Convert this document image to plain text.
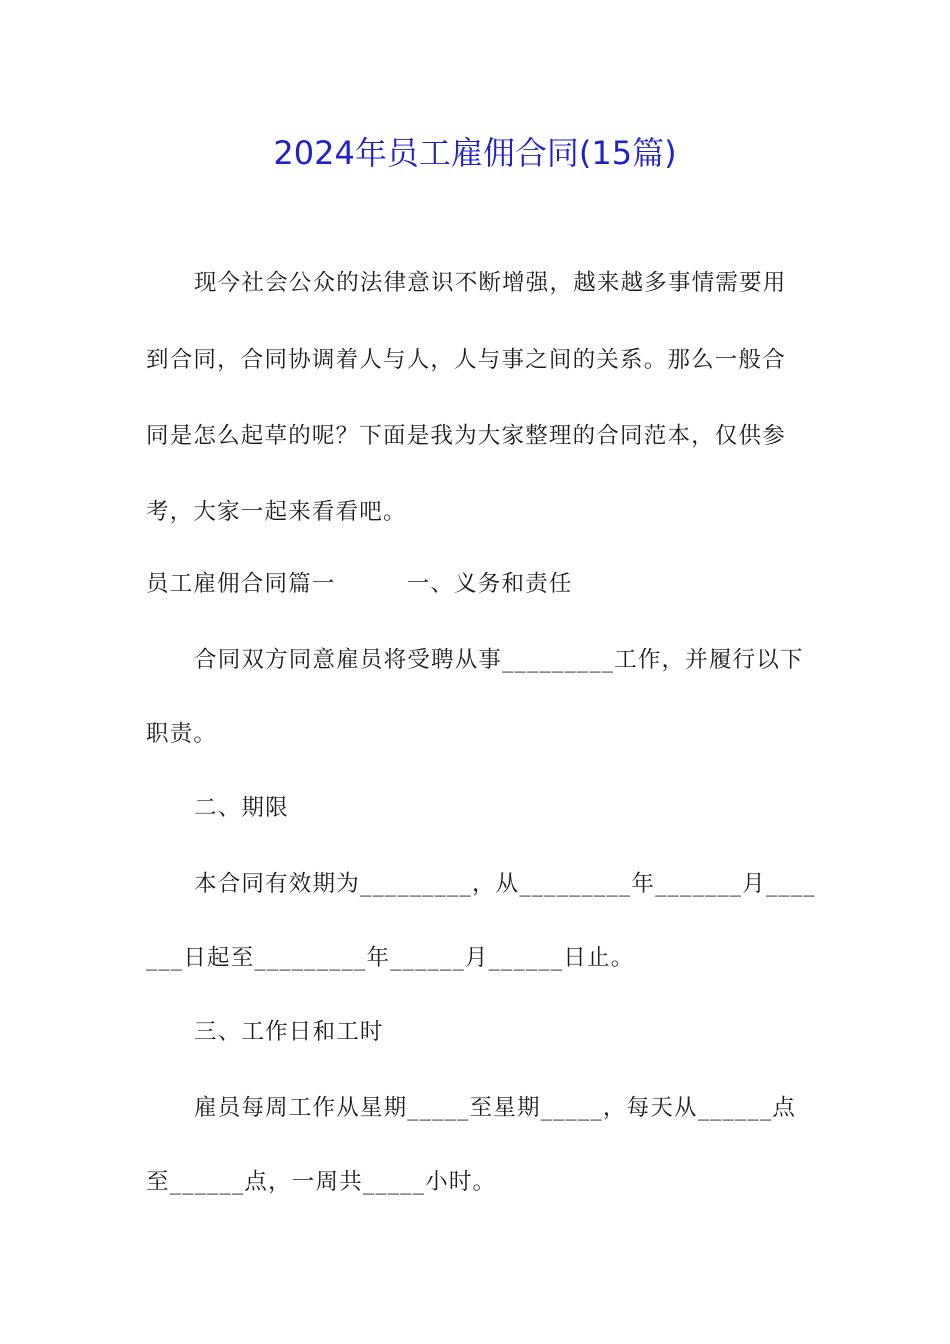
2024年员工雇佣合同(15篇)
现今社会公众的法律意识不断增强，越来越多事情需要用
到合同，合同协调着人与人，人与事之间的关系。那么一般合
同是怎么起草的呢？下面是我为大家整理的合同范本，仅供参
考，大家一起来看看吧。
员工雇佣合同篇一　　　一、义务和责任
合同双方同意雇员将受聘从事_________工作，并履行以下
职责。
二、期限
本合同有效期为_________，从_________年_______月____
___日起至_________年______月______日止。
三、工作日和工时
雇员每周工作从星期_____至星期_____，每天从______点
至______点，一周共_____小时。
